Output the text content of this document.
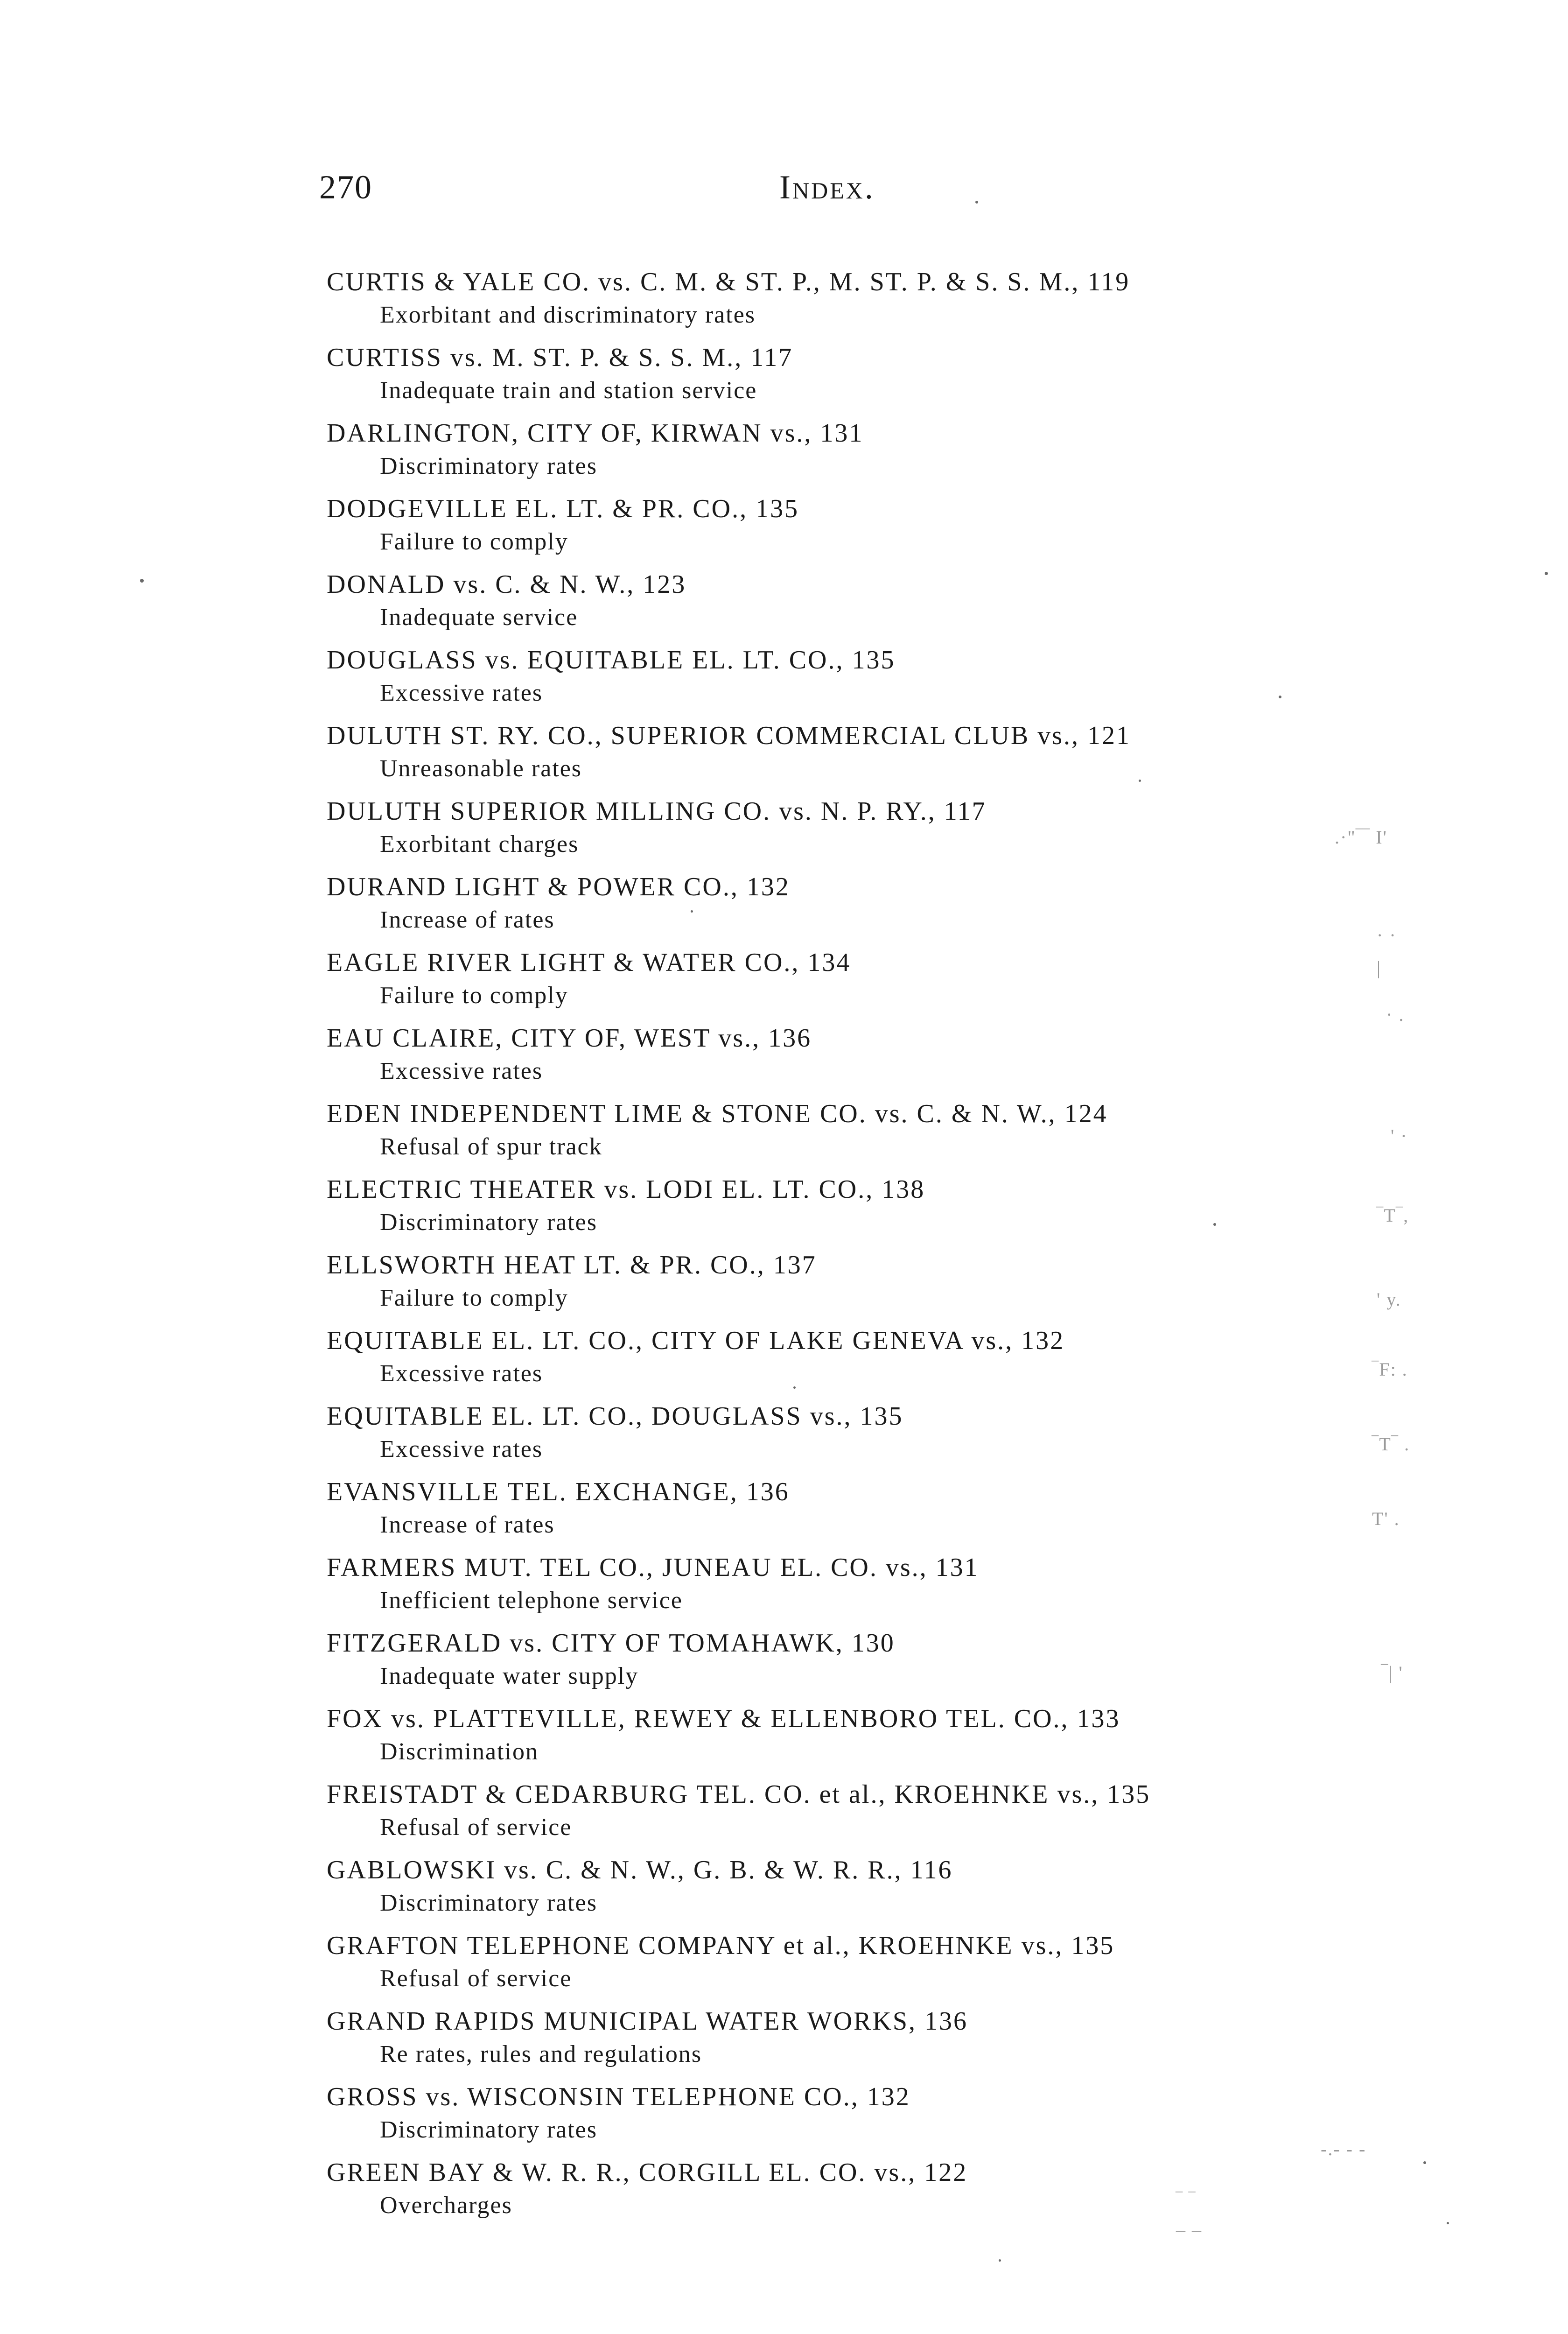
270	Index.
CURTIS & YALE CO. vs. C. M. & ST. P., M. ST. P. & S. S. M., 119
Exorbitant and discriminatory rates
CURTISS vs. M. ST. P. & S. S. M., 117
Inadequate train and station service
DARLINGTON, CITY OF, KIRWAN vs., 131
Discriminatory rates
DODGEVILLE EL. LT. & PR. CO., 135
Failure to comply
DONALD vs. C. & N. W., 123
Inadequate service
DOUGLASS vs. EQUITABLE EL. LT. CO., 135
Excessive rates
DULUTH ST. RY. CO., SUPERIOR COMMERCIAL CLUB vs., 121
Unreasonable rates
DULUTH SUPERIOR MILLING CO. vs. N. P. RY., 117
Exorbitant charges
DURAND LIGHT & POWER CO., 132
Increase of rates
EAGLE RIVER LIGHT & WATER CO., 134
Failure to comply
EAU CLAIRE, CITY OF, WEST vs., 136
Excessive rates
EDEN INDEPENDENT LIME & STONE CO. vs. C. & N. W., 124
Refusal of spur track
ELECTRIC THEATER vs. LODI EL. LT. CO., 138
Discriminatory rates
ELLSWORTH HEAT LT. & PR. CO., 137
Failure to comply
EQUITABLE EL. LT. CO., CITY OF LAKE GENEVA vs., 132
Excessive rates
EQUITABLE EL. LT. CO., DOUGLASS vs., 135
Excessive rates
EVANSVILLE TEL. EXCHANGE, 136
Increase of rates
FARMERS MUT. TEL CO., JUNEAU EL. CO. vs., 131
Inefficient telephone service
FITZGERALD vs. CITY OF TOMAHAWK, 130
Inadequate water supply
FOX vs. PLATTEVILLE, REWEY & ELLENBORO TEL. CO., 133
Discrimination
FREISTADT & CEDARBURG TEL. CO. et al., KROEHNKE vs., 135
Refusal of service
GABLOWSKI vs. C. & N. W., G. B. & W. R. R., 116
Discriminatory rates
GRAFTON TELEPHONE COMPANY et al., KROEHNKE vs., 135
Refusal of service
GRAND RAPIDS MUNICIPAL WATER WORKS, 136
Re rates, rules and regulations
GROSS vs. WISCONSIN TELEPHONE CO., 132
Discriminatory rates
GREEN BAY & W. R. R., CORGILL EL. CO. vs., 122
Overcharges
.·"‾‾ I'
· ·
|
· .
' ·
‾T‾,
' y.
‾F: .
‾T‾ .
T' .
‾| '
-.- - -
‾ ‾
_ _
